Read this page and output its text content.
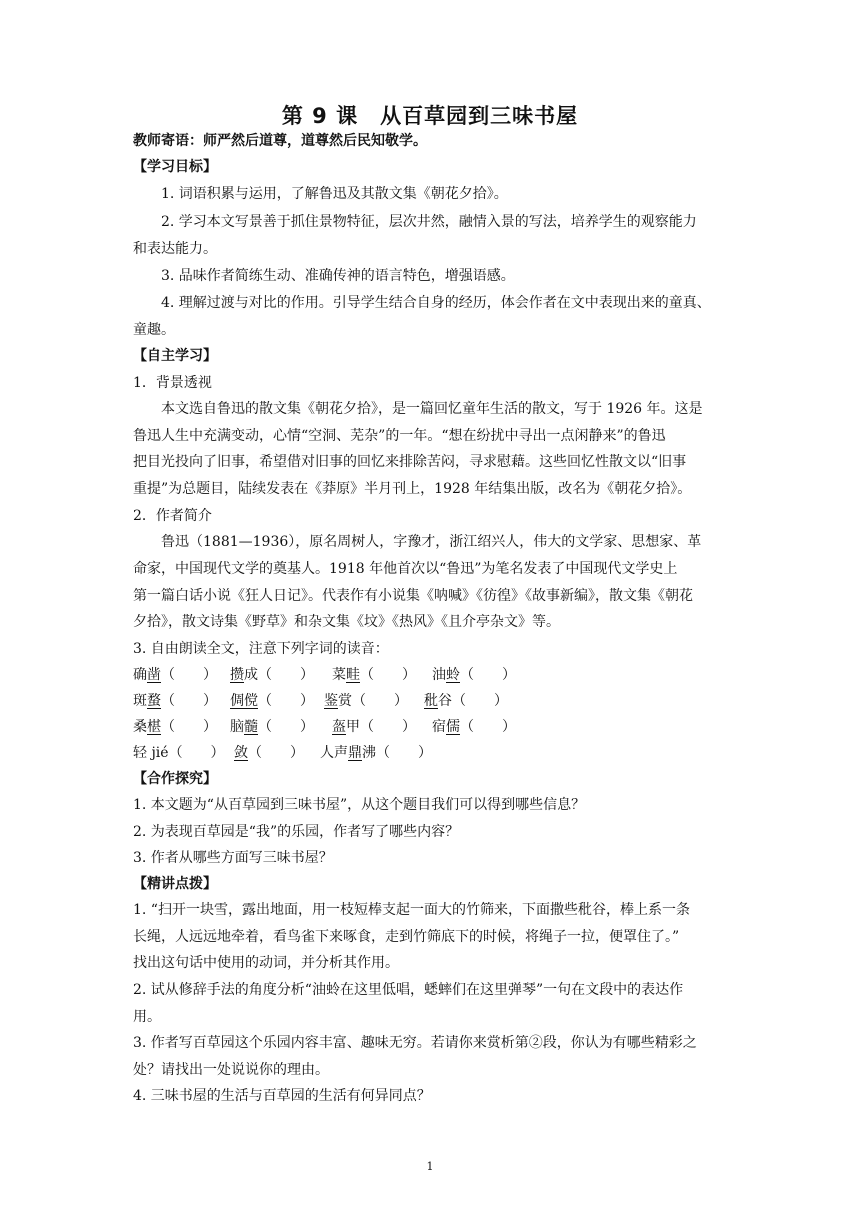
第 9 课　从百草园到三味书屋
教师寄语：师严然后道尊，道尊然后民知敬学。
【学习目标】
1. 词语积累与运用，了解鲁迅及其散文集《朝花夕拾》。
2. 学习本文写景善于抓住景物特征，层次井然，融情入景的写法，培养学生的观察能力
和表达能力。
3. 品味作者简练生动、准确传神的语言特色，增强语感。
4. 理解过渡与对比的作用。引导学生结合自身的经历，体会作者在文中表现出来的童真、
童趣。
【自主学习】
1．背景透视
本文选自鲁迅的散文集《朝花夕拾》，是一篇回忆童年生活的散文，写于 1926 年。这是
鲁迅人生中充满变动，心情“空洞、芜杂”的一年。“想在纷扰中寻出一点闲静来”的鲁迅
把目光投向了旧事，希望借对旧事的回忆来排除苦闷，寻求慰藉。这些回忆性散文以“旧事
重提”为总题目，陆续发表在《莽原》半月刊上，1928 年结集出版，改名为《朝花夕拾》。
2．作者简介
鲁迅（1881—1936），原名周树人，字豫才，浙江绍兴人，伟大的文学家、思想家、革
命家，中国现代文学的奠基人。1918 年他首次以“鲁迅”为笔名发表了中国现代文学史上
第一篇白话小说《狂人日记》。代表作有小说集《呐喊》《彷徨》《故事新编》，散文集《朝花
夕拾》，散文诗集《野草》和杂文集《坟》《热风》《且介亭杂文》等。
3. 自由朗读全文，注意下列字词的读音：
确凿（　　） 攒成（　　） 菜畦（　　） 油蛉（　　）
斑蝥（　　） 倜傥（　　） 鉴赏（　　） 秕谷（　　）
桑椹（　　） 脑髓（　　） 盔甲（　　） 宿儒（　　）
轻 jié（　　） 敛（　　） 人声鼎沸（　　）
【合作探究】
1. 本文题为“从百草园到三味书屋”，从这个题目我们可以得到哪些信息？
2. 为表现百草园是“我”的乐园，作者写了哪些内容？
3. 作者从哪些方面写三味书屋？
【精讲点拨】
1. “扫开一块雪，露出地面，用一枝短棒支起一面大的竹筛来，下面撒些秕谷，棒上系一条
长绳，人远远地牵着，看鸟雀下来啄食，走到竹筛底下的时候，将绳子一拉，便罩住了。”
找出这句话中使用的动词，并分析其作用。
2. 试从修辞手法的角度分析“油蛉在这里低唱，蟋蟀们在这里弹琴”一句在文段中的表达作
用。
3. 作者写百草园这个乐园内容丰富、趣味无穷。若请你来赏析第②段，你认为有哪些精彩之
处？请找出一处说说你的理由。
4. 三味书屋的生活与百草园的生活有何异同点？
1
